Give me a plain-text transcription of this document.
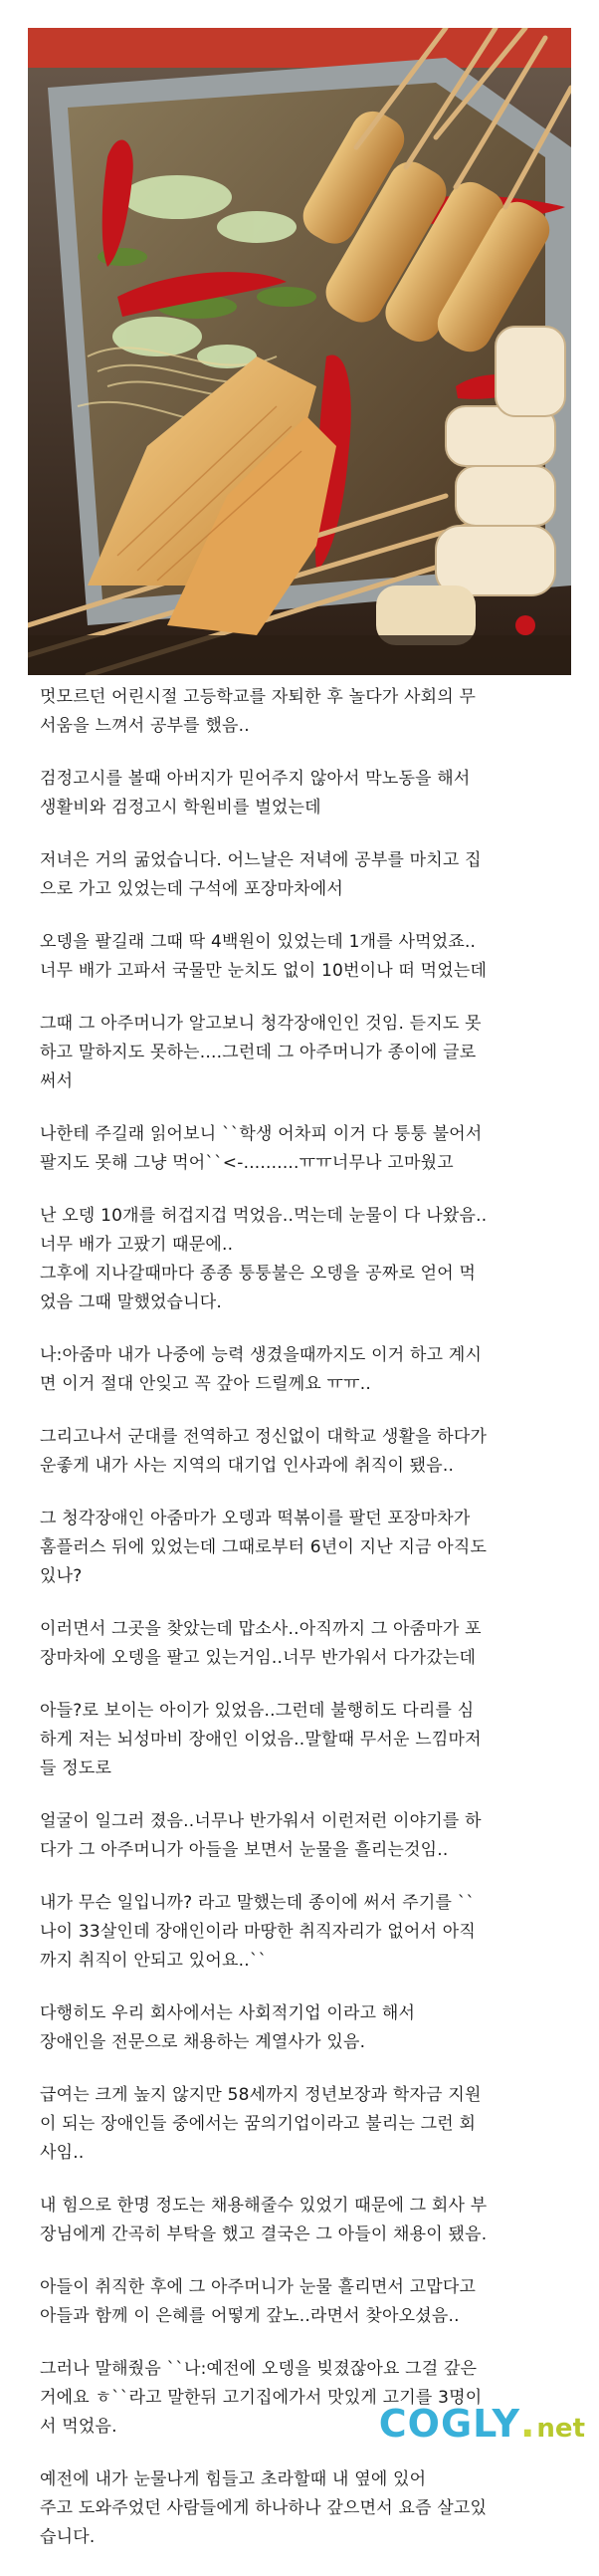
멋모르던 어린시절 고등학교를 자퇴한 후 놀다가 사회의 무
서움을 느껴서 공부를 했음..

검정고시를 볼때 아버지가 믿어주지 않아서 막노동을 해서
생활비와 검정고시 학원비를 벌었는데

저녀은 거의 굶었습니다. 어느날은 저녁에 공부를 마치고 집
으로 가고 있었는데 구석에 포장마차에서

오뎅을 팔길래 그때 딱 4백원이 있었는데 1개를 사먹었죠..
너무 배가 고파서 국물만 눈치도 없이 10번이나 떠 먹었는데

그때 그 아주머니가 알고보니 청각장애인인 것임. 듣지도 못
하고 말하지도 못하는....그런데 그 아주머니가 종이에 글로
써서

나한테 주길래 읽어보니 ``학생 어차피 이거 다 퉁퉁 불어서
팔지도 못해 그냥 먹어``<-..........ㅠㅠ너무나 고마웠고

난 오뎅 10개를 허겁지겁 먹었음..먹는데 눈물이 다 나왔음..
너무 배가 고팠기 때문에..
그후에 지나갈때마다 종종 퉁퉁불은 오뎅을 공짜로 얻어 먹
었음 그때 말했었습니다.

나:아줌마 내가 나중에 능력 생겼을때까지도 이거 하고 계시
면 이거 절대 안잊고 꼭 갚아 드릴께요 ㅠㅠ..

그리고나서 군대를 전역하고 정신없이 대학교 생활을 하다가
운좋게 내가 사는 지역의 대기업 인사과에 취직이 됐음..

그 청각장애인 아줌마가 오뎅과 떡볶이를 팔던 포장마차가
홈플러스 뒤에 있었는데 그때로부터 6년이 지난 지금 아직도
있나?

이러면서 그곳을 찾았는데 맙소사..아직까지 그 아줌마가 포
장마차에 오뎅을 팔고 있는거임..너무 반가워서 다가갔는데

아들?로 보이는 아이가 있었음..그런데 불행히도 다리를 심
하게 저는 뇌성마비 장애인 이었음..말할때 무서운 느낌마저
들 정도로

얼굴이 일그러 졌음..너무나 반가워서 이런저런 이야기를 하
다가 그 아주머니가 아들을 보면서 눈물을 흘리는것임..

내가 무슨 일입니까? 라고 말했는데 종이에 써서 주기를 ``
나이 33살인데 장애인이라 마땅한 취직자리가 없어서 아직
까지 취직이 안되고 있어요..``

다행히도 우리 회사에서는 사회적기업 이라고 해서
장애인을 전문으로 채용하는 계열사가 있음.

급여는 크게 높지 않지만 58세까지 정년보장과 학자금 지원
이 되는 장애인들 중에서는 꿈의기업이라고 불리는 그런 회
사임..

내 힘으로 한명 정도는 채용해줄수 있었기 때문에 그 회사 부
장님에게 간곡히 부탁을 했고 결국은 그 아들이 채용이 됐음.

아들이 취직한 후에 그 아주머니가 눈물 흘리면서 고맙다고
아들과 함께 이 은혜를 어떻게 갚노..라면서 찾아오셨음..

그러나 말해줬음 ``나:예전에 오뎅을 빚졌잖아요 그걸 갚은
거에요 ㅎ``라고 말한뒤 고기집에가서 맛있게 고기를 3명이
서 먹었음.

예전에 내가 눈물나게 힘들고 초라할때 내 옆에 있어
주고 도와주었던 사람들에게 하나하나 갚으면서 요즘 살고있
습니다.

CO GLY . net
